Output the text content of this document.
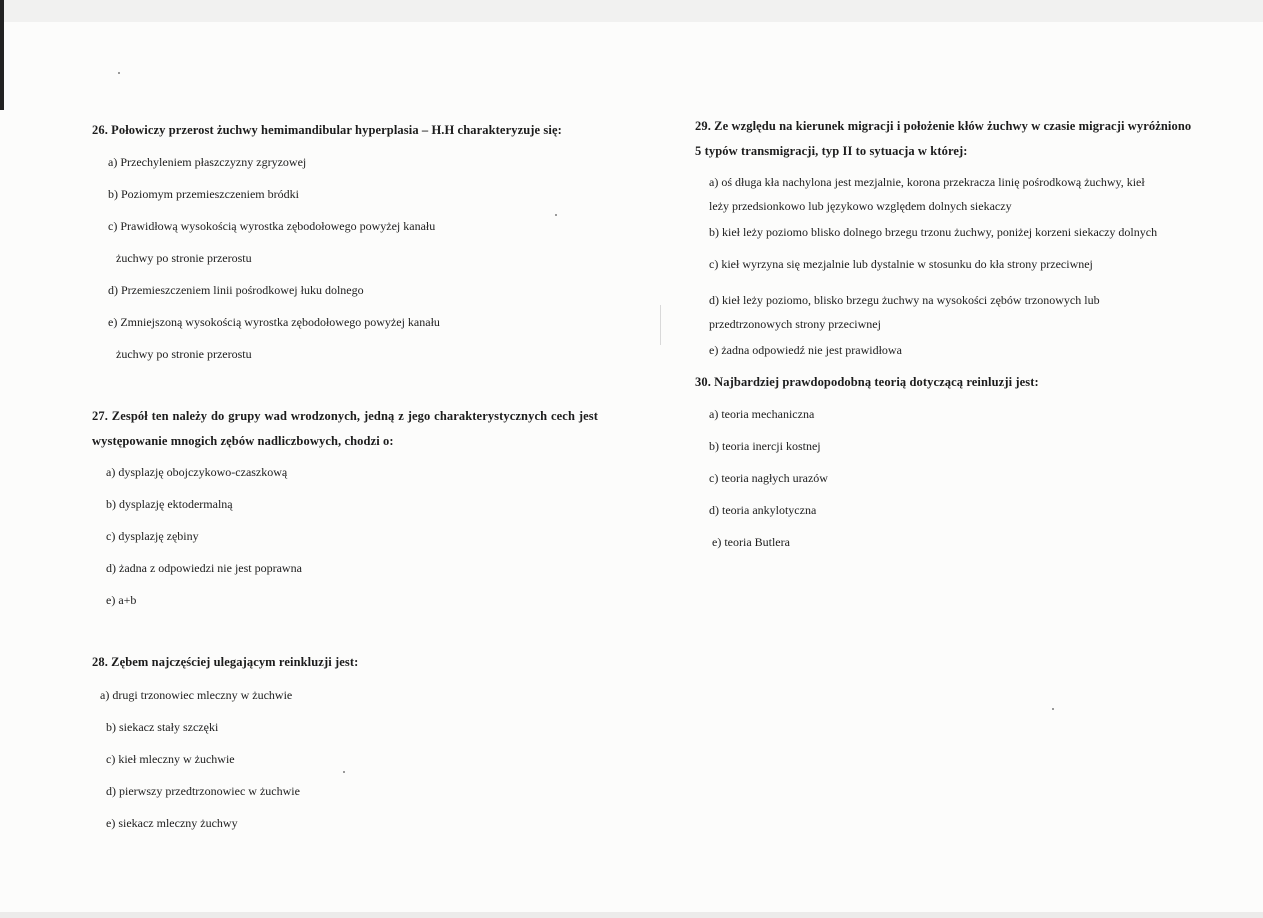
26. Połowiczy przerost żuchwy hemimandibular hyperplasia – H.H charakteryzuje się:

a) Przechyleniem płaszczyzny zgryzowej
b) Poziomym przemieszczeniem bródki
c) Prawidłową wysokością wyrostka zębodołowego powyżej kanału
żuchwy po stronie przerostu
d) Przemieszczeniem linii pośrodkowej łuku dolnego
e) Zmniejszoną wysokością wyrostka zębodołowego powyżej kanału
żuchwy po stronie przerostu

27. Zespół ten należy do grupy wad wrodzonych, jedną z jego charakterystycznych cech jest występowanie mnogich zębów nadliczbowych, chodzi o:

a) dysplazję obojczykowo-czaszkową
b) dysplazję ektodermalną
c) dysplazję zębiny
d) żadna z odpowiedzi nie jest poprawna
e) a+b

28. Zębem najczęściej ulegającym reinkluzji jest:

a) drugi trzonowiec mleczny w żuchwie
b) siekacz stały szczęki
c) kieł mleczny w żuchwie
d) pierwszy przedtrzonowiec w żuchwie
e) siekacz mleczny żuchwy

29. Ze względu na kierunek migracji i położenie kłów żuchwy w czasie migracji wyróżniono 5 typów transmigracji, typ II to sytuacja w której:

a) oś długa kła nachylona jest mezjalnie, korona przekracza linię pośrodkową żuchwy, kieł leży przedsionkowo lub językowo względem dolnych siekaczy
b) kieł leży poziomo blisko dolnego brzegu trzonu żuchwy, poniżej korzeni siekaczy dolnych
c) kieł wyrzyna się mezjalnie lub dystalnie w stosunku do kła strony przeciwnej
d) kieł leży poziomo, blisko brzegu żuchwy na wysokości zębów trzonowych lub przedtrzonowych strony przeciwnej
e) żadna odpowiedź nie jest prawidłowa

30. Najbardziej prawdopodobną teorią dotyczącą reinluzji jest:

a) teoria mechaniczna
b) teoria inercji kostnej
c) teoria nagłych urazów
d) teoria ankylotyczna
e) teoria Butlera
